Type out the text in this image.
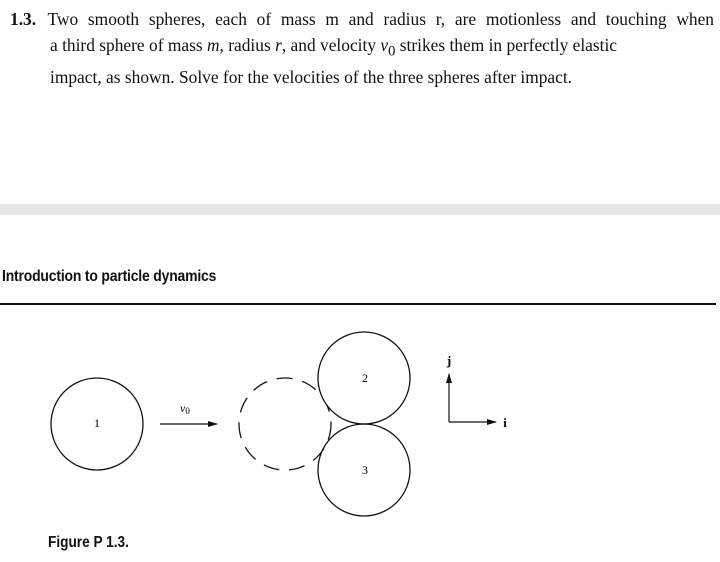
1.3. Two smooth spheres, each of mass m and radius r, are motionless and touching when
a third sphere of mass m, radius r, and velocity $v_0$ strikes them in perfectly elastic
impact, as shown. Solve for the velocities of the three spheres after impact.
Introduction to particle dynamics
1
v0
2
3
j
i
Figure P 1.3.
